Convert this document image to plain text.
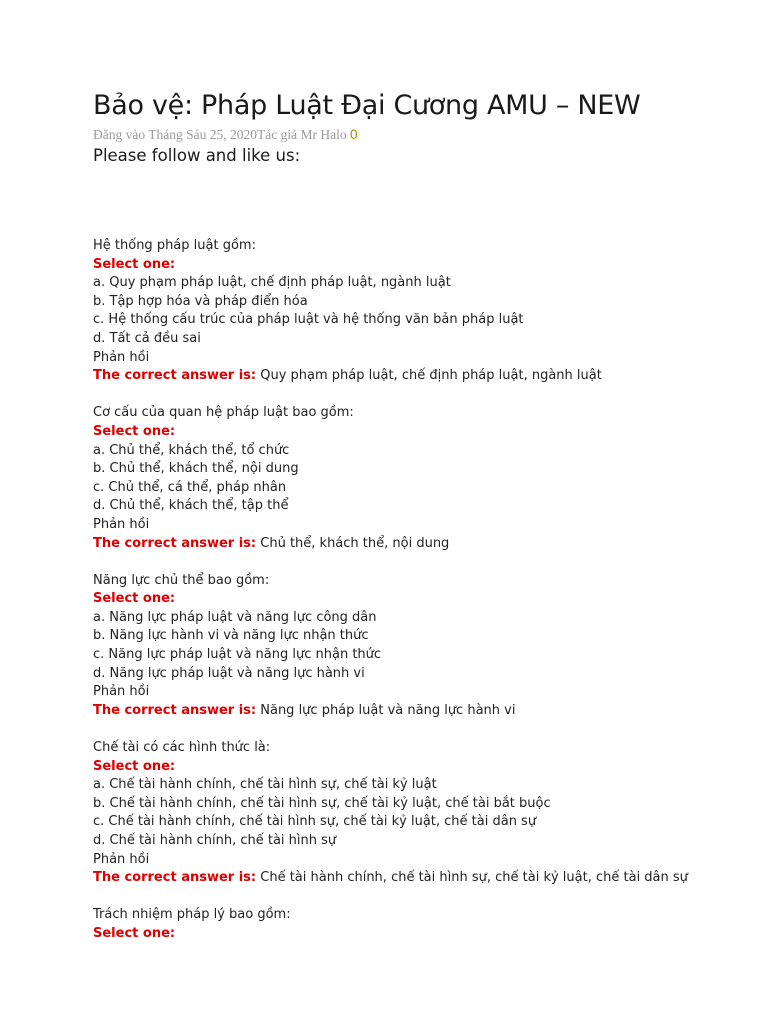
Bảo vệ: Pháp Luật Đại Cương AMU – NEW
Đăng vào Tháng Sáu 25, 2020Tác giả Mr Halo 0
Please follow and like us:
Hệ thống pháp luật gồm:
Select one:
a. Quy phạm pháp luật, chế định pháp luật, ngành luật
b. Tập hợp hóa và pháp điển hóa
c. Hệ thống cấu trúc của pháp luật và hệ thống văn bản pháp luật
d. Tất cả đều sai
Phản hồi
The correct answer is: Quy phạm pháp luật, chế định pháp luật, ngành luật
Cơ cấu của quan hệ pháp luật bao gồm:
Select one:
a. Chủ thể, khách thể, tổ chức
b. Chủ thể, khách thể, nội dung
c. Chủ thể, cá thể, pháp nhân
d. Chủ thể, khách thể, tập thể
Phản hồi
The correct answer is: Chủ thể, khách thể, nội dung
Năng lực chủ thể bao gồm:
Select one:
a. Năng lực pháp luật và năng lực công dân
b. Năng lực hành vi và năng lực nhận thức
c. Năng lực pháp luật và năng lực nhận thức
d. Năng lực pháp luật và năng lực hành vi
Phản hồi
The correct answer is: Năng lực pháp luật và năng lực hành vi
Chế tài có các hình thức là:
Select one:
a. Chế tài hành chính, chế tài hình sự, chế tài kỷ luật
b. Chế tài hành chính, chế tài hình sự, chế tài kỷ luật, chế tài bắt buộc
c. Chế tài hành chính, chế tài hình sự, chế tài kỷ luật, chế tài dân sự
d. Chế tài hành chính, chế tài hình sự
Phản hồi
The correct answer is: Chế tài hành chính, chế tài hình sự, chế tài kỷ luật, chế tài dân sự
Trách nhiệm pháp lý bao gồm:
Select one:
